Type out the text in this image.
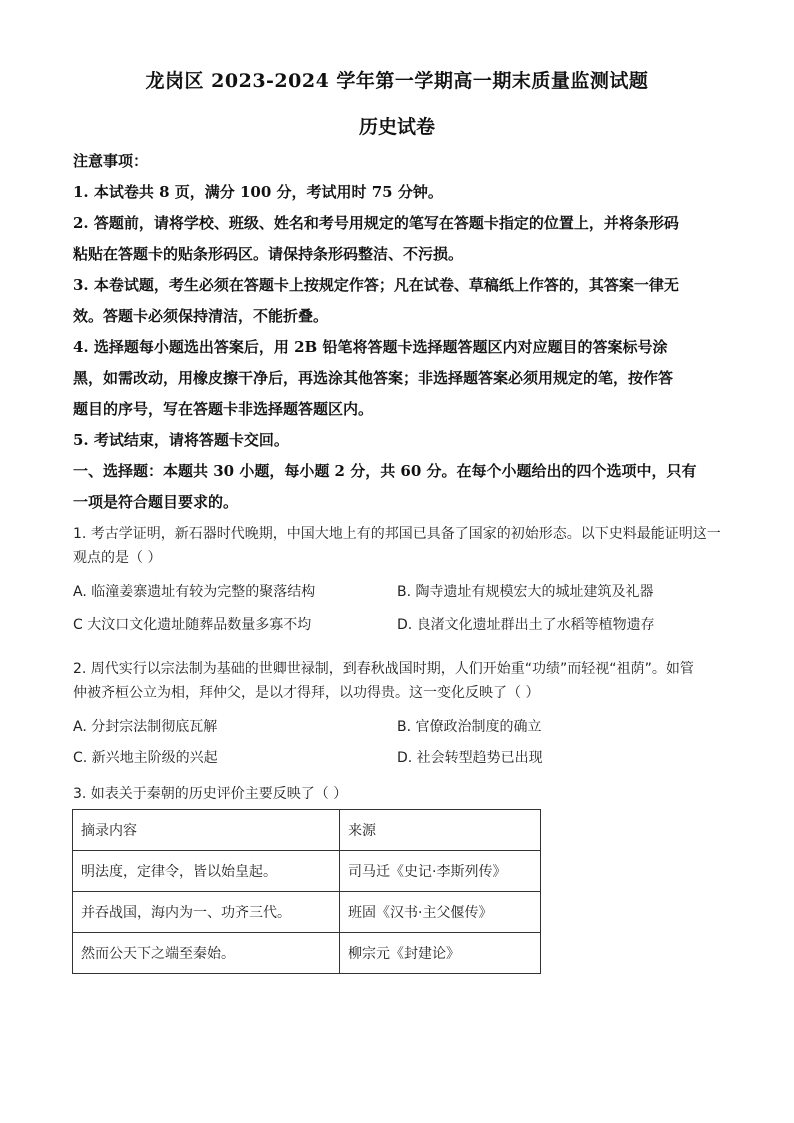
龙岗区 2023-2024 学年第一学期高一期末质量监测试题
历史试卷
注意事项：
1. 本试卷共 8 页，满分 100 分，考试用时 75 分钟。
2. 答题前，请将学校、班级、姓名和考号用规定的笔写在答题卡指定的位置上，并将条形码
粘贴在答题卡的贴条形码区。请保持条形码整洁、不污损。
3. 本卷试题，考生必须在答题卡上按规定作答；凡在试卷、草稿纸上作答的，其答案一律无
效。答题卡必须保持清洁，不能折叠。
4. 选择题每小题选出答案后，用 2B 铅笔将答题卡选择题答题区内对应题目的答案标号涂
黑，如需改动，用橡皮擦干净后，再选涂其他答案；非选择题答案必须用规定的笔，按作答
题目的序号，写在答题卡非选择题答题区内。
5. 考试结束，请将答题卡交回。
一、选择题：本题共 30 小题，每小题 2 分，共 60 分。在每个小题给出的四个选项中，只有
一项是符合题目要求的。
1. 考古学证明，新石器时代晚期，中国大地上有的邦国已具备了国家的初始形态。以下史料最能证明这一
观点的是（ ）
A. 临潼姜寨遗址有较为完整的聚落结构	B. 陶寺遗址有规模宏大的城址建筑及礼器
C 大汶口文化遗址随葬品数量多寡不均	D. 良渚文化遗址群出土了水稻等植物遗存
2. 周代实行以宗法制为基础的世卿世禄制，到春秋战国时期，人们开始重“功绩”而轻视“祖荫”。如管
仲被齐桓公立为相，拜仲父，是以才得拜，以功得贵。这一变化反映了（ ）
A. 分封宗法制彻底瓦解	B. 官僚政治制度的确立
C. 新兴地主阶级的兴起	D. 社会转型趋势已出现
3. 如表关于秦朝的历史评价主要反映了（ ）
摘录内容	来源
明法度，定律令，皆以始皇起。	司马迁《史记·李斯列传》
并吞战国，海内为一、功齐三代。	班固《汉书·主父偃传》
然而公天下之端至秦始。	柳宗元《封建论》
